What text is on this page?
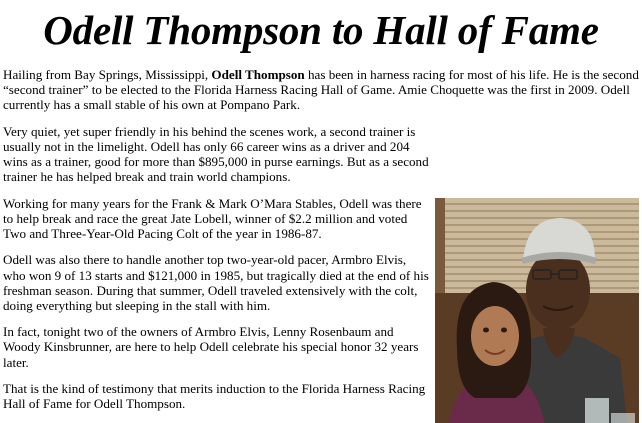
Odell Thompson to Hall of Fame

Hailing from Bay Springs, Mississippi, Odell Thompson has been in harness racing for most of his life. He is the second “second trainer” to be elected to the Florida Harness Racing Hall of Game. Amie Choquette was the first in 2009. Odell currently has a small stable of his own at Pompano Park.

Very quiet, yet super friendly in his behind the scenes work, a second trainer is usually not in the limelight. Odell has only 66 career wins as a driver and 204 wins as a trainer, good for more than $895,000 in purse earnings. But as a second trainer he has helped break and train world champions.

Working for many years for the Frank & Mark O’Mara Stables, Odell was there to help break and race the great Jate Lobell, winner of $2.2 million and voted Two and Three-Year-Old Pacing Colt of the year in 1986-87.

Odell was also there to handle another top two-year-old pacer, Armbro Elvis, who won 9 of 13 starts and $121,000 in 1985, but tragically died at the end of his freshman season. During that summer, Odell traveled extensively with the colt, doing everything but sleeping in the stall with him.

In fact, tonight two of the owners of Armbro Elvis, Lenny Rosenbaum and Woody Kinsbrunner, are here to help Odell celebrate his special honor 32 years later.

That is the kind of testimony that merits induction to the Florida Harness Racing Hall of Fame for Odell Thompson.
